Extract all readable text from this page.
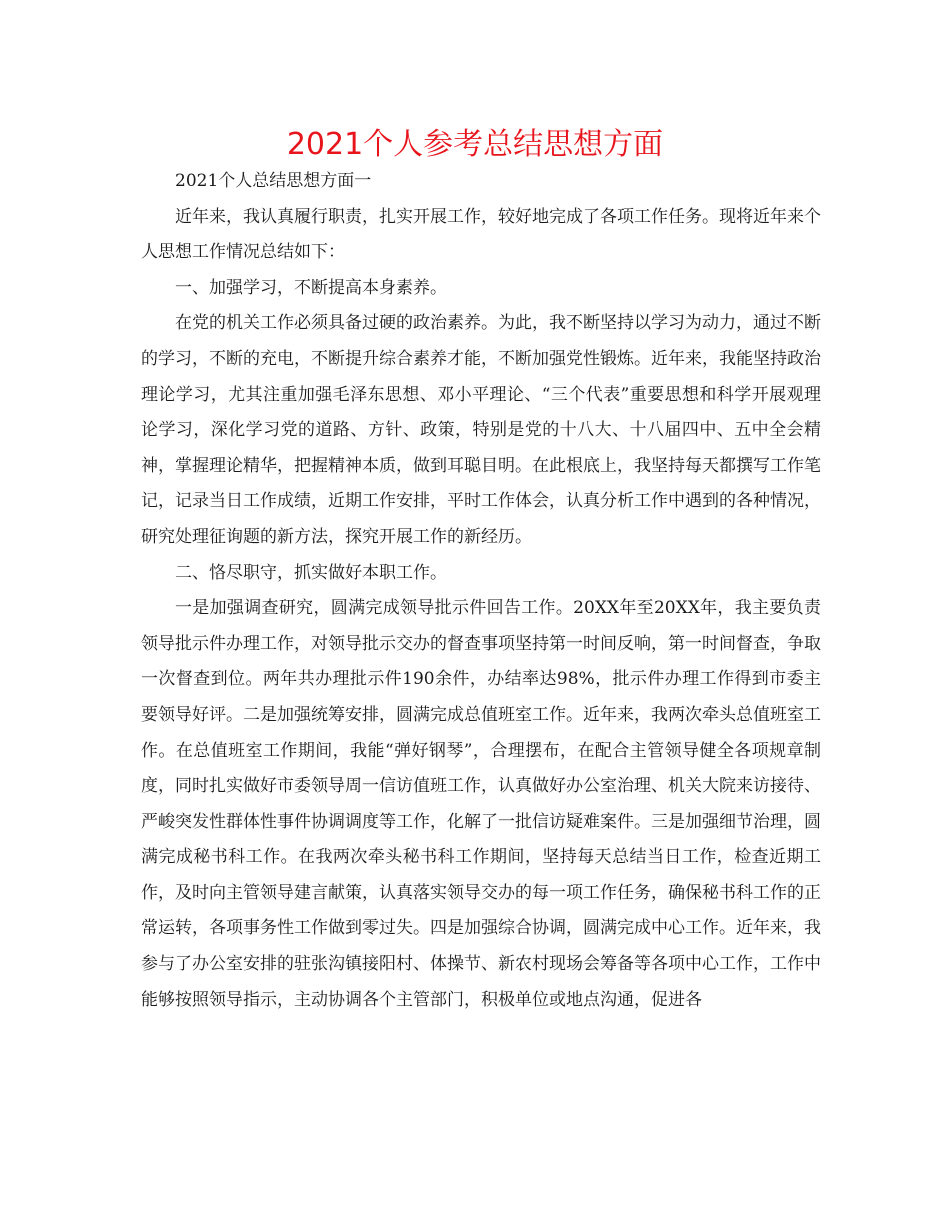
2021个人参考总结思想方面

2021个人总结思想方面一

近年来，我认真履行职责，扎实开展工作，较好地完成了各项工作任务。现将近年来个人思想工作情况总结如下：

一、加强学习，不断提高本身素养。

在党的机关工作必须具备过硬的政治素养。为此，我不断坚持以学习为动力，通过不断的学习，不断的充电，不断提升综合素养才能，不断加强党性锻炼。近年来，我能坚持政治理论学习，尤其注重加强毛泽东思想、邓小平理论、“三个代表”重要思想和科学开展观理论学习，深化学习党的道路、方针、政策，特别是党的十八大、十八届四中、五中全会精神，掌握理论精华，把握精神本质，做到耳聪目明。在此根底上，我坚持每天都撰写工作笔记，记录当日工作成绩，近期工作安排，平时工作体会，认真分析工作中遇到的各种情况，研究处理征询题的新方法，探究开展工作的新经历。

二、恪尽职守，抓实做好本职工作。

一是加强调查研究，圆满完成领导批示件回告工作。20XX年至20XX年，我主要负责领导批示件办理工作，对领导批示交办的督查事项坚持第一时间反响，第一时间督查，争取一次督查到位。两年共办理批示件190余件，办结率达98%，批示件办理工作得到市委主要领导好评。二是加强统筹安排，圆满完成总值班室工作。近年来，我两次牵头总值班室工作。在总值班室工作期间，我能“弹好钢琴”，合理摆布，在配合主管领导健全各项规章制度，同时扎实做好市委领导周一信访值班工作，认真做好办公室治理、机关大院来访接待、严峻突发性群体性事件协调调度等工作，化解了一批信访疑难案件。三是加强细节治理，圆满完成秘书科工作。在我两次牵头秘书科工作期间，坚持每天总结当日工作，检查近期工作，及时向主管领导建言献策，认真落实领导交办的每一项工作任务，确保秘书科工作的正常运转，各项事务性工作做到零过失。四是加强综合协调，圆满完成中心工作。近年来，我参与了办公室安排的驻张沟镇接阳村、体操节、新农村现场会筹备等各项中心工作，工作中能够按照领导指示，主动协调各个主管部门，积极单位或地点沟通，促进各
